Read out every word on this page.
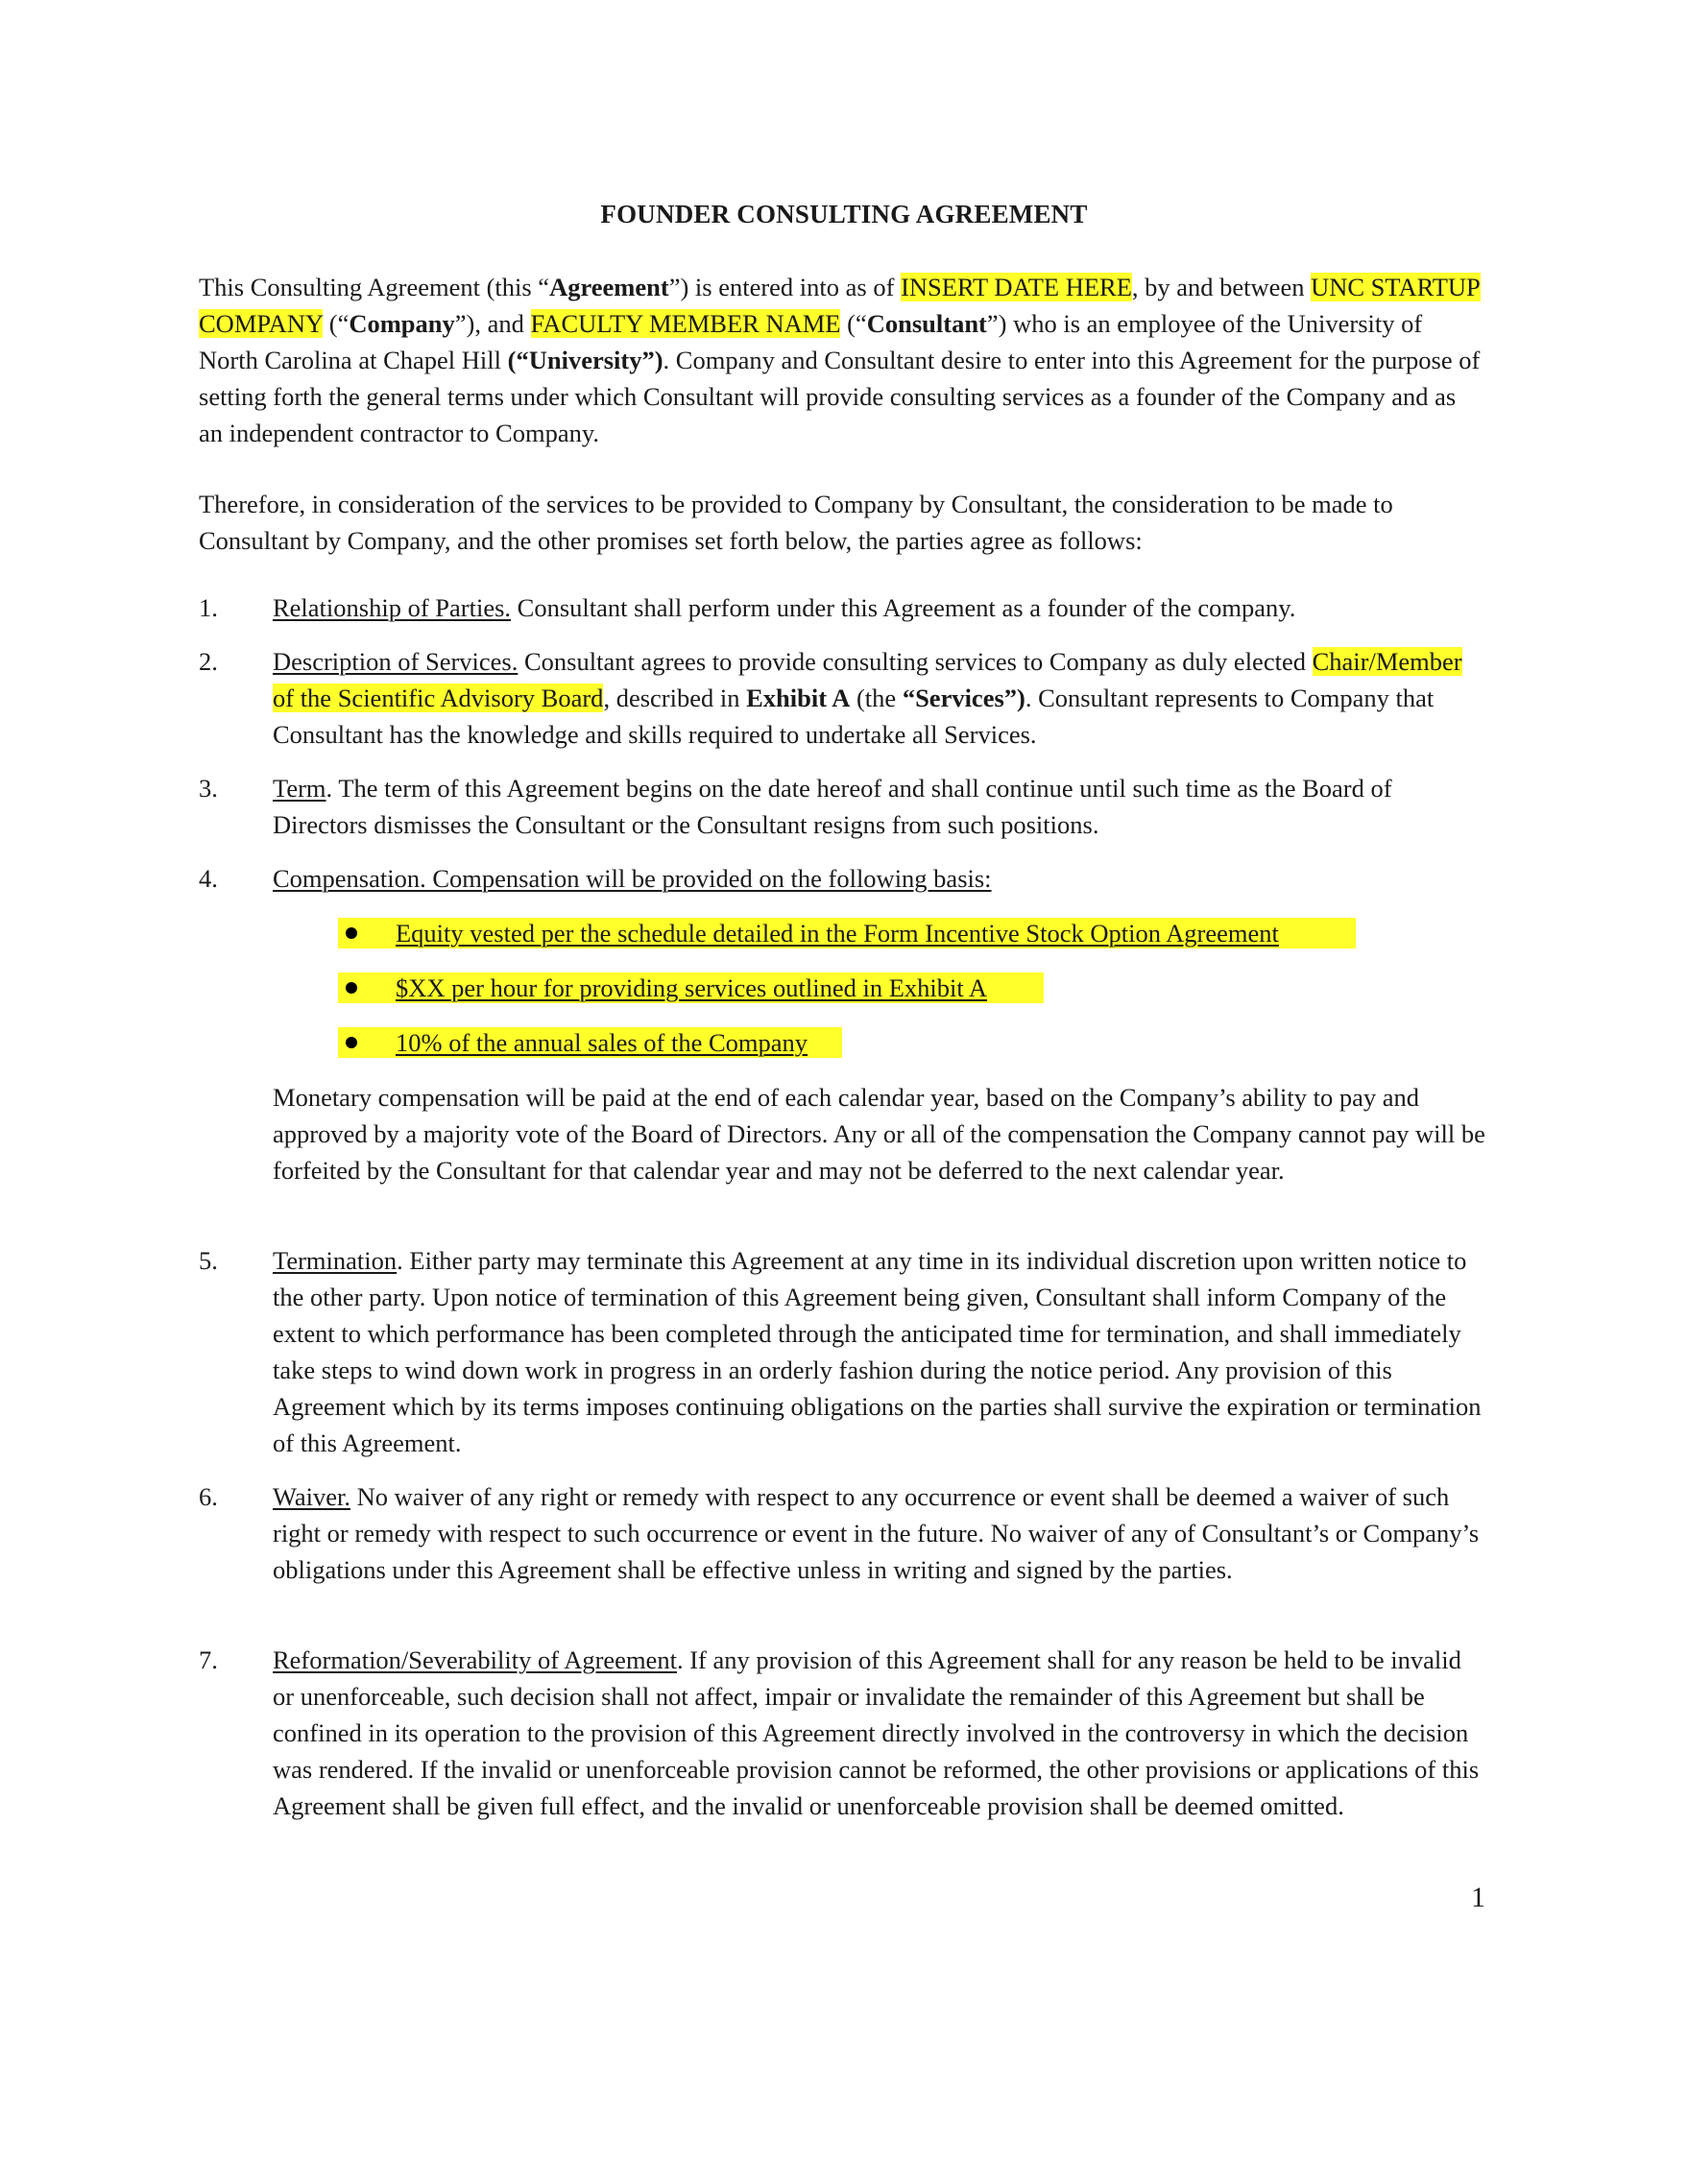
FOUNDER CONSULTING AGREEMENT
This Consulting Agreement (this “Agreement”) is entered into as of INSERT DATE HERE, by and between UNC STARTUP COMPANY (“Company”), and FACULTY MEMBER NAME (“Consultant”) who is an employee of the University of North Carolina at Chapel Hill (“University”). Company and Consultant desire to enter into this Agreement for the purpose of setting forth the general terms under which Consultant will provide consulting services as a founder of the Company and as an independent contractor to Company.
Therefore, in consideration of the services to be provided to Company by Consultant, the consideration to be made to Consultant by Company, and the other promises set forth below, the parties agree as follows:
1. Relationship of Parties. Consultant shall perform under this Agreement as a founder of the company.
2. Description of Services. Consultant agrees to provide consulting services to Company as duly elected Chair/Member of the Scientific Advisory Board, described in Exhibit A (the “Services”). Consultant represents to Company that Consultant has the knowledge and skills required to undertake all Services.
3. Term. The term of this Agreement begins on the date hereof and shall continue until such time as the Board of Directors dismisses the Consultant or the Consultant resigns from such positions.
4. Compensation. Compensation will be provided on the following basis:
Equity vested per the schedule detailed in the Form Incentive Stock Option Agreement
$XX per hour for providing services outlined in Exhibit A
10% of the annual sales of the Company
Monetary compensation will be paid at the end of each calendar year, based on the Company’s ability to pay and approved by a majority vote of the Board of Directors. Any or all of the compensation the Company cannot pay will be forfeited by the Consultant for that calendar year and may not be deferred to the next calendar year.
5. Termination. Either party may terminate this Agreement at any time in its individual discretion upon written notice to the other party. Upon notice of termination of this Agreement being given, Consultant shall inform Company of the extent to which performance has been completed through the anticipated time for termination, and shall immediately take steps to wind down work in progress in an orderly fashion during the notice period. Any provision of this Agreement which by its terms imposes continuing obligations on the parties shall survive the expiration or termination of this Agreement.
6. Waiver. No waiver of any right or remedy with respect to any occurrence or event shall be deemed a waiver of such right or remedy with respect to such occurrence or event in the future. No waiver of any of Consultant’s or Company’s obligations under this Agreement shall be effective unless in writing and signed by the parties.
7. Reformation/Severability of Agreement. If any provision of this Agreement shall for any reason be held to be invalid or unenforceable, such decision shall not affect, impair or invalidate the remainder of this Agreement but shall be confined in its operation to the provision of this Agreement directly involved in the controversy in which the decision was rendered. If the invalid or unenforceable provision cannot be reformed, the other provisions or applications of this Agreement shall be given full effect, and the invalid or unenforceable provision shall be deemed omitted.
1
